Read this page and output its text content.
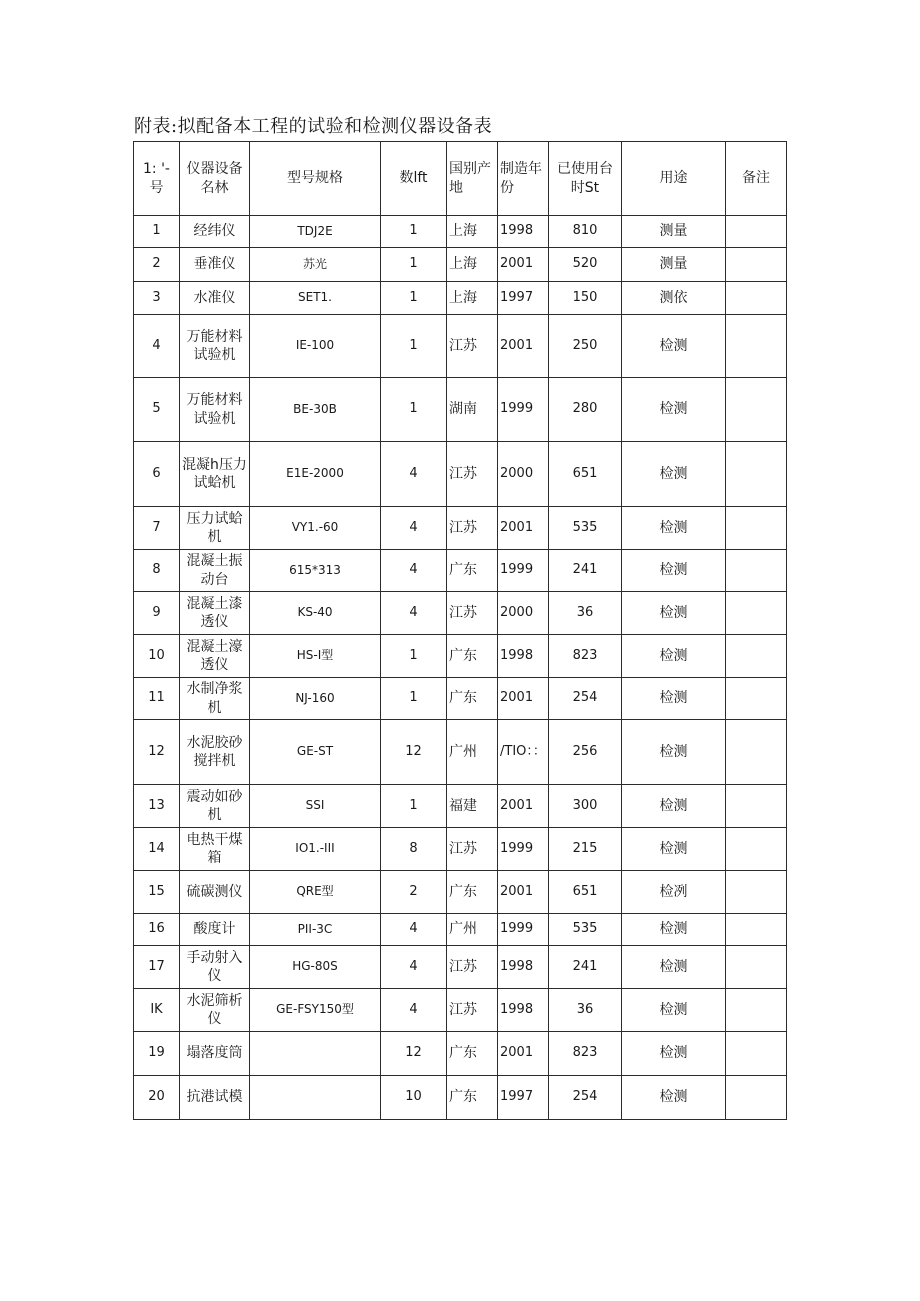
附表:拟配备本工程的试验和检测仪器设备表
1: '- 号	仪器设备名林	型号规格	数lft	国别产地	制造年份	已使用台时St	用途	备注
1	经纬仪	TDJ2E	1	上海	1998	810	测量	
2	垂准仪	苏光	1	上海	2001	520	测量	
3	水准仪	SET1.	1	上海	1997	150	测依	
4	万能材料试验机	IE-100	1	江苏	2001	250	检测	
5	万能材料试验机	BE-30B	1	湖南	1999	280	检测	
6	混凝h压力试蛤机	E1E-2000	4	江苏	2000	651	检测	
7	压力试蛤机	VY1.-60	4	江苏	2001	535	检测	
8	混凝土振动台	615*313	4	广东	1999	241	检测	
9	混凝土漆透仪	KS-40	4	江苏	2000	36	检测	
10	混凝土濠透仪	HS-I型	1	广东	1998	823	检测	
11	水制净浆机	NJ-160	1	广东	2001	254	检测	
12	水泥胶砂搅拌机	GE-ST	12	广州	/TIO：：	256	检测	
13	震动如砂机	SSI	1	福建	2001	300	检测	
14	电热干煤箱	IO1.-III	8	江苏	1999	215	检测	
15	硫碳测仪	QRE型	2	广东	2001	651	检冽	
16	酸度计	PII-3C	4	广州	1999	535	检测	
17	手动射入仪	HG-80S	4	江苏	1998	241	检测	
IK	水泥筛析仪	GE-FSY150型	4	江苏	1998	36	检测	
19	塌落度筒		12	广东	2001	823	检测	
20	抗港试模		10	广东	1997	254	检测	
